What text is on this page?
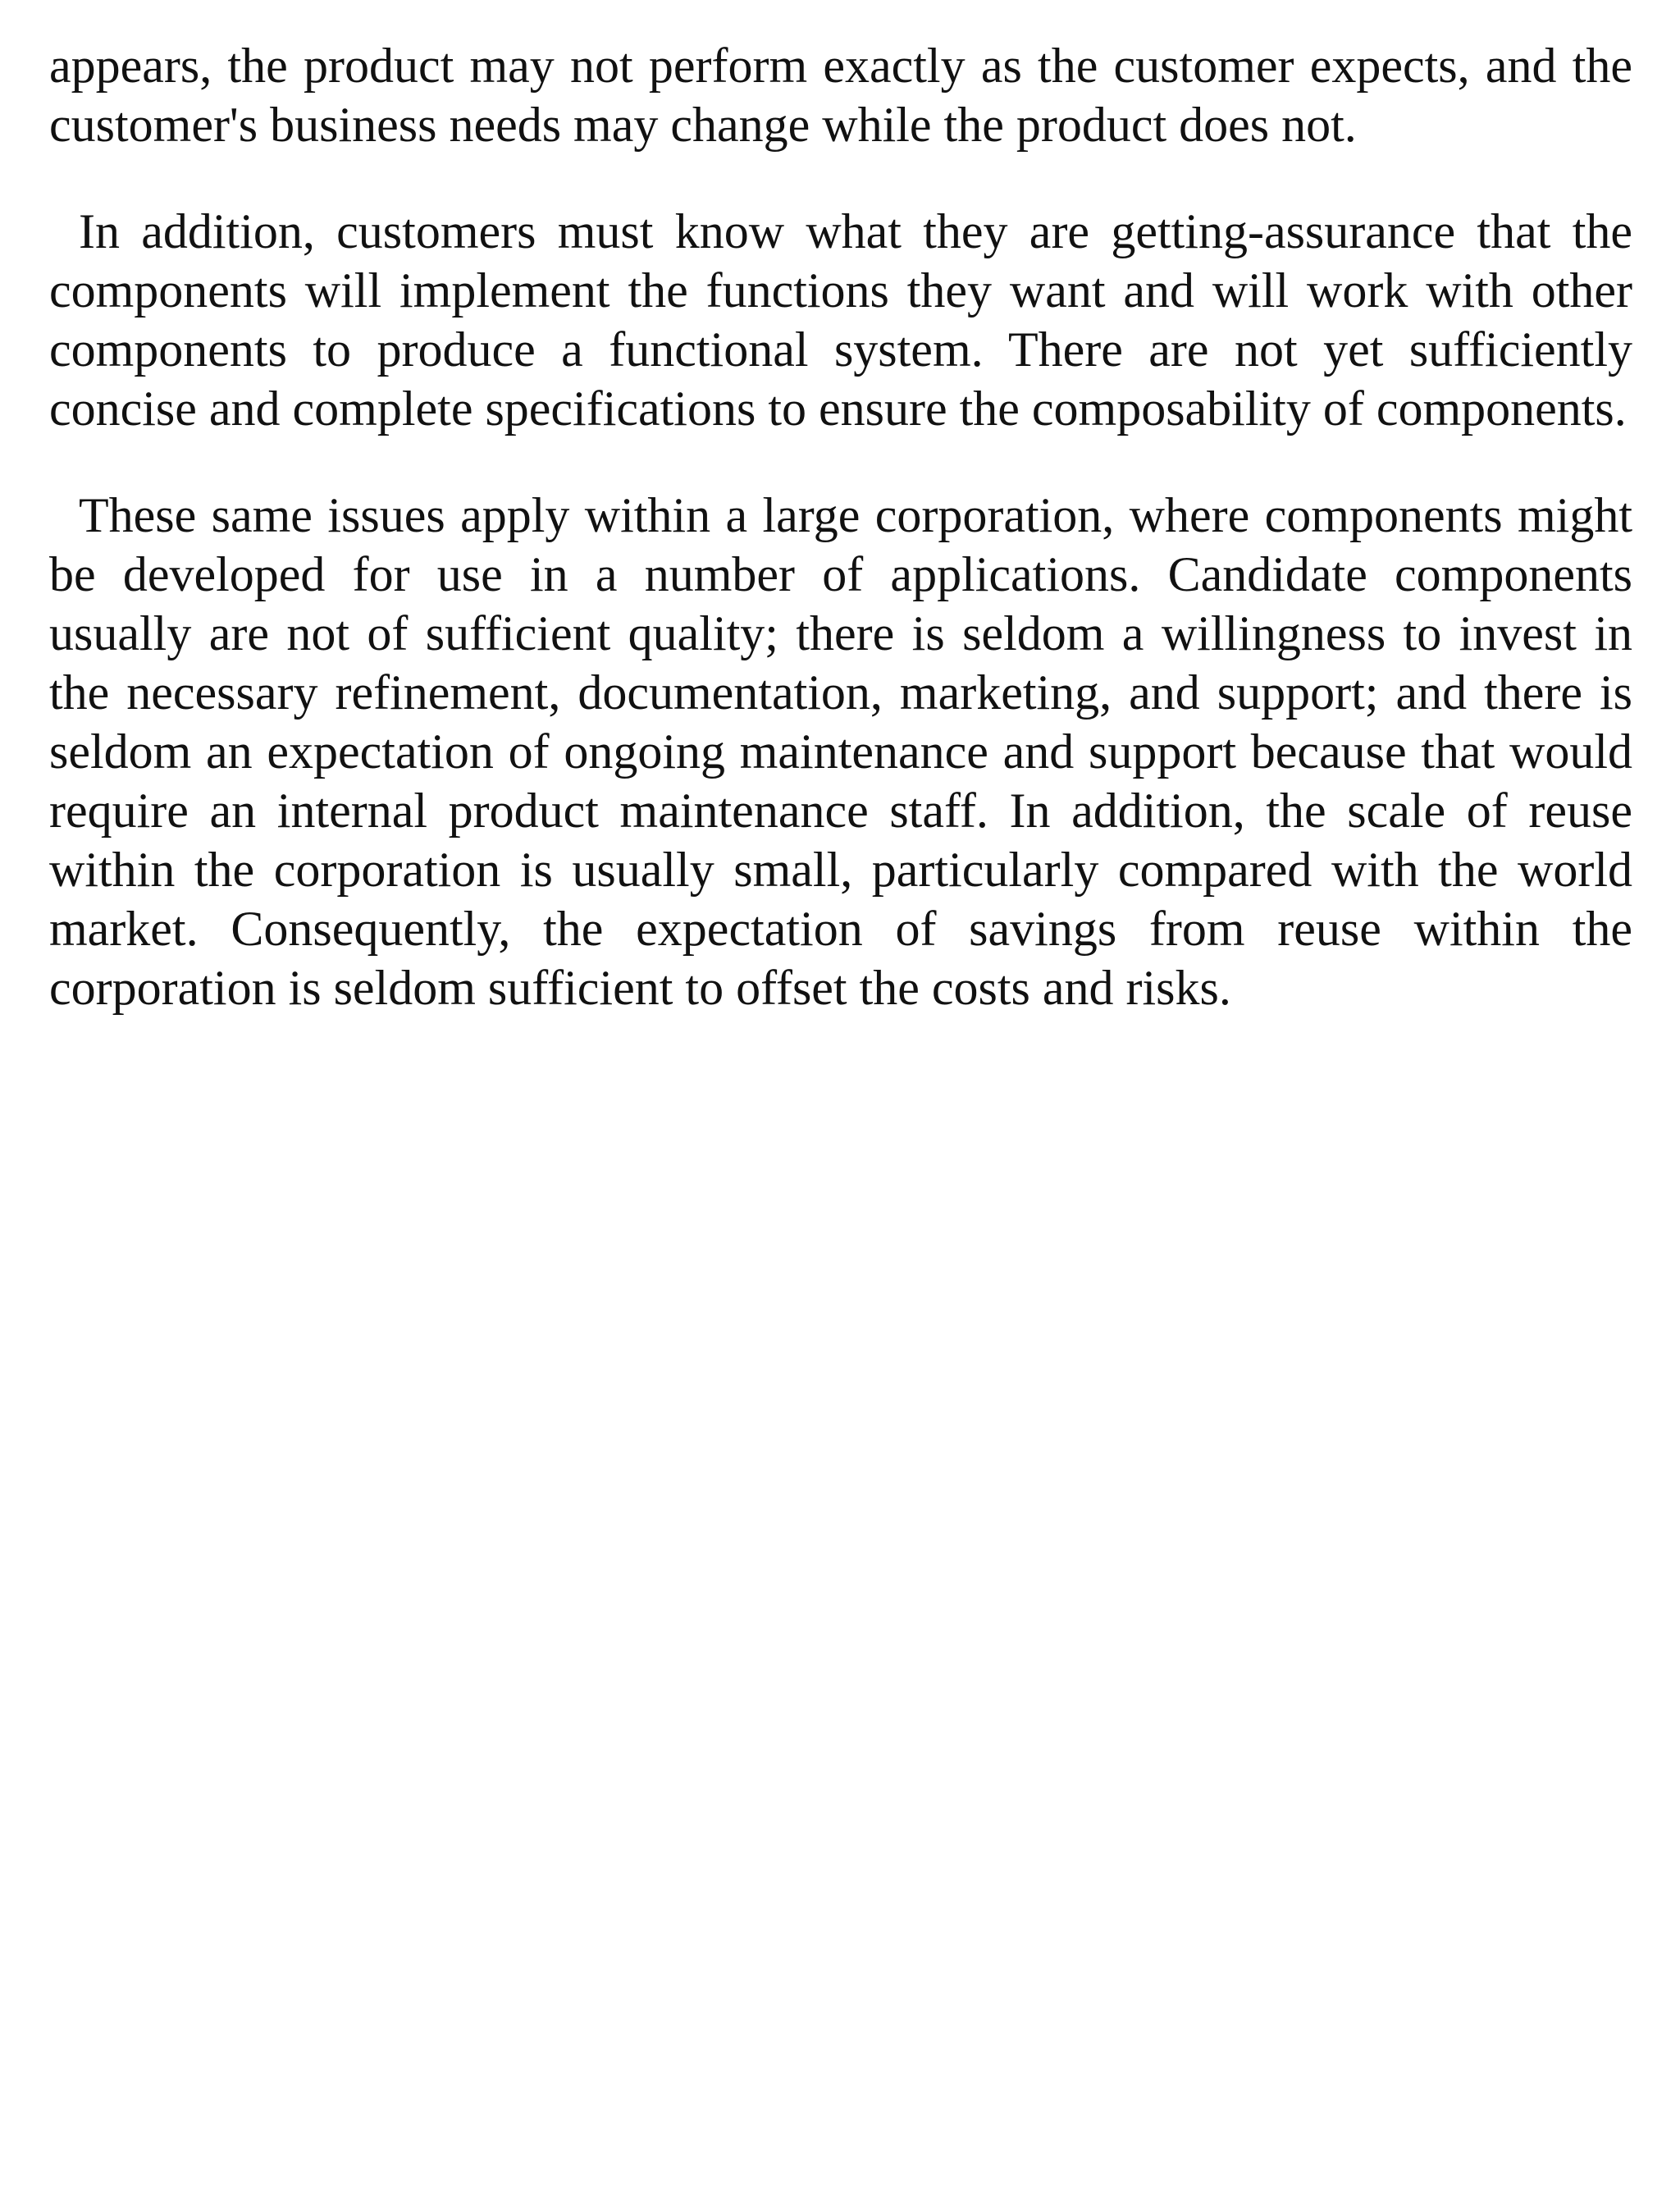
appears, the product may not perform exactly as the customer expects, and the customer's business needs may change while the product does not.

In addition, customers must know what they are getting-assurance that the components will implement the functions they want and will work with other components to produce a functional system. There are not yet sufficiently concise and complete specifications to ensure the composability of components.

These same issues apply within a large corporation, where components might be developed for use in a number of applications. Candidate components usually are not of sufficient quality; there is seldom a willingness to invest in the necessary refinement, documentation, marketing, and support; and there is seldom an expectation of ongoing maintenance and support because that would require an internal product maintenance staff. In addition, the scale of reuse within the corporation is usually small, particularly compared with the world market. Consequently, the expectation of savings from reuse within the corporation is seldom sufficient to offset the costs and risks.
